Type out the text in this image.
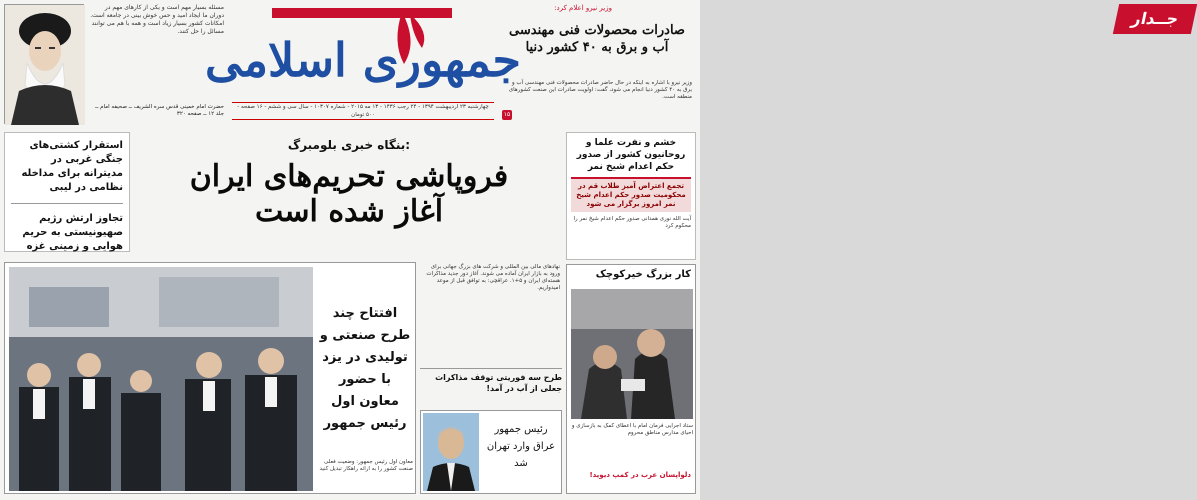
مسئله بسیار مهم است و یکی از کارهای مهم در دوران ما ایجاد امید و حس خوش بینی در جامعه است. امکانات کشور بسیار زیاد است و همه با هم می توانند مسائل را حل کنند.
حضرت امام خمینی قدس سره الشریف ــ صحیفه امام ــ جلد ۱۲ ــ صفحه ۳۲۰
جمهوری اسلامی
چهارشنبه ۲۳ اردیبهشت ۱۳۹۴ - ۲۴ رجب ۱۴۳۶ - ۱۳ مه ۲۰۱۵ - شماره ۱۰۳۰۷ - سال سی و ششم - ۱۶ صفحه - ۵۰۰ تومان
جــدار
وزیر نیرو اعلام کرد:
صادرات محصولات فنی مهندسی آب و برق به ۴۰ کشور دنیا
وزیر نیرو با اشاره به اینکه در حال حاضر صادرات محصولات فنی مهندسی آب و برق به ۴۰ کشور دنیا انجام می شود، گفت: اولویت صادرات این صنعت کشورهای منطقه است.
۱۵
استقرار کشتی‌های جنگی غربی در مدیترانه برای مداخله نظامی در لیبی
تجاوز ارتش رژیم صهیونیستی به حریم هوایی و زمینی غزه
بنگاه خبری بلومبرگ:
فروپاشی تحریم‌های ایران
آغاز شده است
خشم و نفرت علما و روحانیون کشور از صدور حکم اعدام شیخ نمر
تجمع اعتراض آمیز طلاب قم در محکومیت صدور حکم اعدام شیخ نمر امروز برگزار می شود
آیت الله نوری همدانی صدور حکم اعدام شیخ نمر را محکوم کرد
افتتاح چند طرح صنعتی و تولیدی در یزد با حضور معاون اول رئیس جمهور
معاون اول رئیس جمهور: وضعیت فعلی صنعت کشور را به ارائه راهکار تبدیل کنید
نهادهای مالی بین المللی و شرکت های بزرگ جهانی برای ورود به بازار ایران آماده می شوند. آغاز دور جدید مذاکرات هسته‌ای ایران و ۵+۱. عراقچی: به توافق قبل از موعد امیدواریم.
طرح سه فوریتی توقف مذاکرات جعلی از آب در آمد!
رئیس جمهور عراق وارد تهران شد
کار بزرگ خیرکوچک
ستاد اجرایی فرمان امام با اعطای کمک به بازسازی و احیای مدارس مناطق محروم
دلواپسان عرب در کمپ دیوید!
